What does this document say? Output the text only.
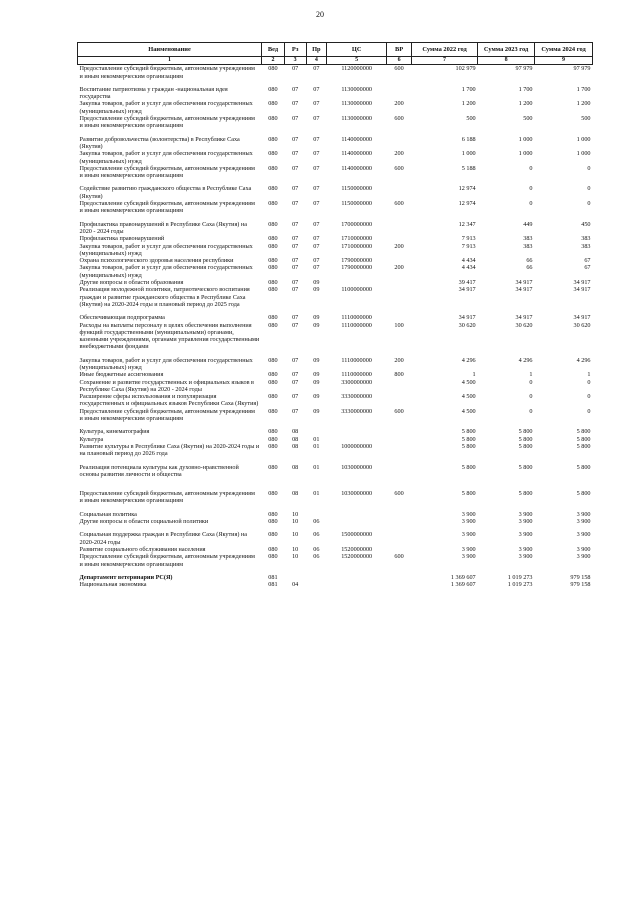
20
Наименование	Вед	Рз	Пр	ЦС	ВР	Сумма 2022 год	Сумма 2023 год	Сумма 2024 год
1	2	3	4	5	6	7	8	9
Предоставление субсидий бюджетным, автономным учреждениям и иным некоммерческим организациям	080	07	07	1120000000	600	102 979	97 979	97 979

Воспитание патриотизма у граждан -национальная идея государства	080	07	07	1130000000		1 700	1 700	1 700
Закупка товаров, работ и услуг для обеспечения государственных (муниципальных) нужд	080	07	07	1130000000	200	1 200	1 200	1 200
Предоставление субсидий бюджетным, автономным учреждениям и иным некоммерческим организациям	080	07	07	1130000000	600	500	500	500

Развитие добровольчества (волонтерства) в Республике Саха (Якутия)	080	07	07	1140000000		6 188	1 000	1 000
Закупка товаров, работ и услуг для обеспечения государственных (муниципальных) нужд	080	07	07	1140000000	200	1 000	1 000	1 000
Предоставление субсидий бюджетным, автономным учреждениям и иным некоммерческим организациям	080	07	07	1140000000	600	5 188	0	0

Содействие развитию гражданского общества в Республике Саха (Якутия)	080	07	07	1150000000		12 974	0	0
Предоставление субсидий бюджетным, автономным учреждениям и иным некоммерческим организациям	080	07	07	1150000000	600	12 974	0	0

Профилактика правонарушений в Республике Саха (Якутия) на 2020 - 2024 годы	080	07	07	1700000000		12 347	449	450
Профилактика правонарушений	080	07	07	1710000000		7 913	383	383
Закупка товаров, работ и услуг для обеспечения государственных (муниципальных) нужд	080	07	07	1710000000	200	7 913	383	383
Охрана психологического здоровья населения республики	080	07	07	1790000000		4 434	66	67
Закупка товаров, работ и услуг для обеспечения государственных (муниципальных) нужд	080	07	07	1790000000	200	4 434	66	67
Другие вопросы в области образования	080	07	09			39 417	34 917	34 917
Реализация молодежной политики, патриотического воспитания граждан и развитие гражданского общества в Республике Саха (Якутия) на 2020-2024 годы и плановый период до 2025 года	080	07	09	1100000000		34 917	34 917	34 917

Обеспечивающая подпрограмма	080	07	09	1110000000		34 917	34 917	34 917
Расходы на выплаты персоналу в целях обеспечения выполнения функций государственными (муниципальными) органами, казенными учреждениями, органами управления государственными внебюджетными фондами	080	07	09	1110000000	100	30 620	30 620	30 620

Закупка товаров, работ и услуг для обеспечения государственных (муниципальных) нужд	080	07	09	1110000000	200	4 296	4 296	4 296
Иные бюджетные ассигнования	080	07	09	1110000000	800	1	1	1
Сохранение и развитие государственных и официальных языков в Республике Саха (Якутия) на 2020 - 2024 годы	080	07	09	3300000000		4 500	0	0
Расширение сферы использования и популяризация государственных и официальных языков Республики Саха (Якутия)	080	07	09	3330000000		4 500	0	0
Предоставление субсидий бюджетным, автономным учреждениям и иным некоммерческим организациям	080	07	09	3330000000	600	4 500	0	0

Культура, кинематография	080	08				5 800	5 800	5 800
Культура	080	08	01			5 800	5 800	5 800
Развитие культуры в Республике Саха (Якутия) на 2020-2024 годы и на плановый период до 2026 года	080	08	01	1000000000		5 800	5 800	5 800

Реализация потенциала культуры как духовно-нравственной основы развития личности и общества	080	08	01	1030000000		5 800	5 800	5 800

Предоставление субсидий бюджетным, автономным учреждениям и иным некоммерческим организациям	080	08	01	1030000000	600	5 800	5 800	5 800

Социальная политика	080	10				3 900	3 900	3 900
Другие вопросы в области социальной политики	080	10	06			3 900	3 900	3 900

Социальная поддержка граждан в Республике Саха (Якутия) на 2020-2024 годы	080	10	06	1500000000		3 900	3 900	3 900
Развитие социального обслуживания населения	080	10	06	1520000000		3 900	3 900	3 900
Предоставление субсидий бюджетным, автономным учреждениям и иным некоммерческим организациям	080	10	06	1520000000	600	3 900	3 900	3 900

Департамент ветеринарии РС(Я)	081					1 369 607	1 019 273	979 158
Национальная экономика	081	04				1 369 607	1 019 273	979 158
